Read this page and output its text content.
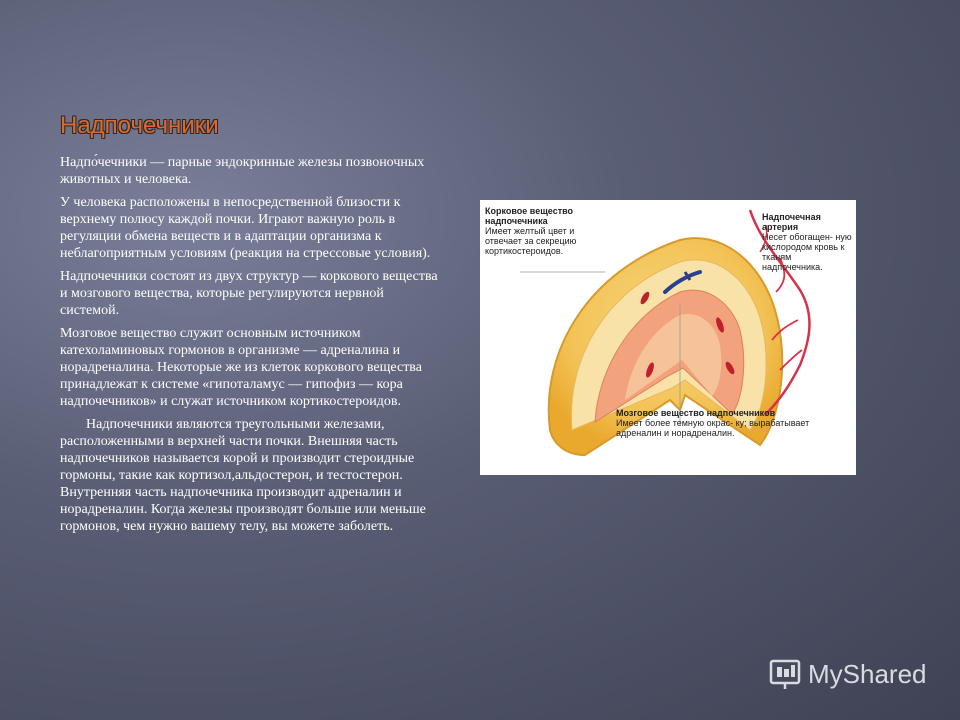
Надпочечники

Надпо́чечники — парные эндокринные железы позвоночных животных и человека.

У человека расположены в непосредственной близости к верхнему полюсу каждой почки. Играют важную роль в регуляции обмена веществ и в адаптации организма к неблагоприятным условиям (реакция на стрессовые условия).

Надпочечники состоят из двух структур — коркового вещества и мозгового вещества, которые регулируются нервной системой.

Мозговое вещество служит основным источником катехоламиновых гормонов в организме — адреналина и норадреналина. Некоторые же из клеток коркового вещества принадлежат к системе «гипоталамус — гипофиз — кора надпочечников» и служат источником кортикостероидов.

Надпочечники являются треугольными железами, расположенными в верхней части почки. Внешняя часть надпочечников называется корой и производит стероидные гормоны, такие как кортизол,альдостерон, и тестостерон. Внутренняя часть надпочечника производит адреналин и норадреналин. Когда железы производят больше или меньше гормонов, чем нужно вашему телу, вы можете заболеть.

Корковое вещество надпочечника
Имеет желтый цвет и отвечает за секрецию кортикостероидов.
Надпочечная артерия
Несет обогащен- ную кислородом кровь к тканям надпочечника.
Мозговое вещество надпочечников
Имеет более темную окрас- ку; вырабатывает адреналин и норадреналин.
MyShared
